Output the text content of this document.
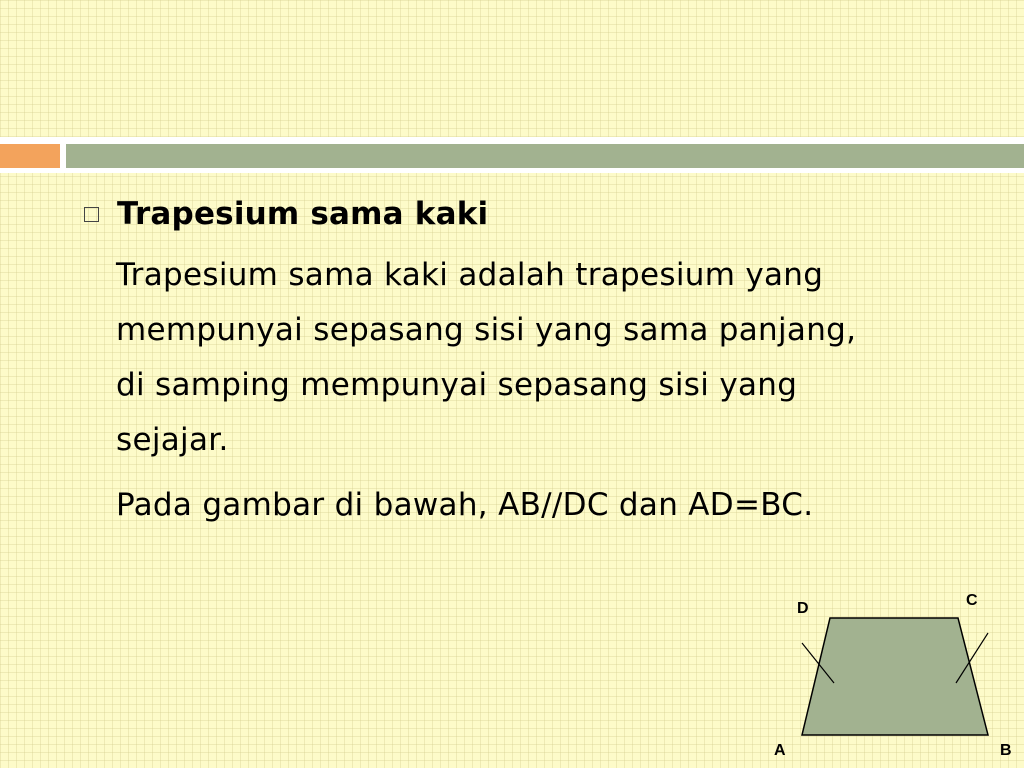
Trapesium sama kaki
Trapesium sama kaki adalah trapesium yang
mempunyai sepasang sisi yang sama panjang,
di samping mempunyai sepasang sisi yang
sejajar.
Pada gambar di bawah, AB//DC dan AD=BC.
D	C
A	B
